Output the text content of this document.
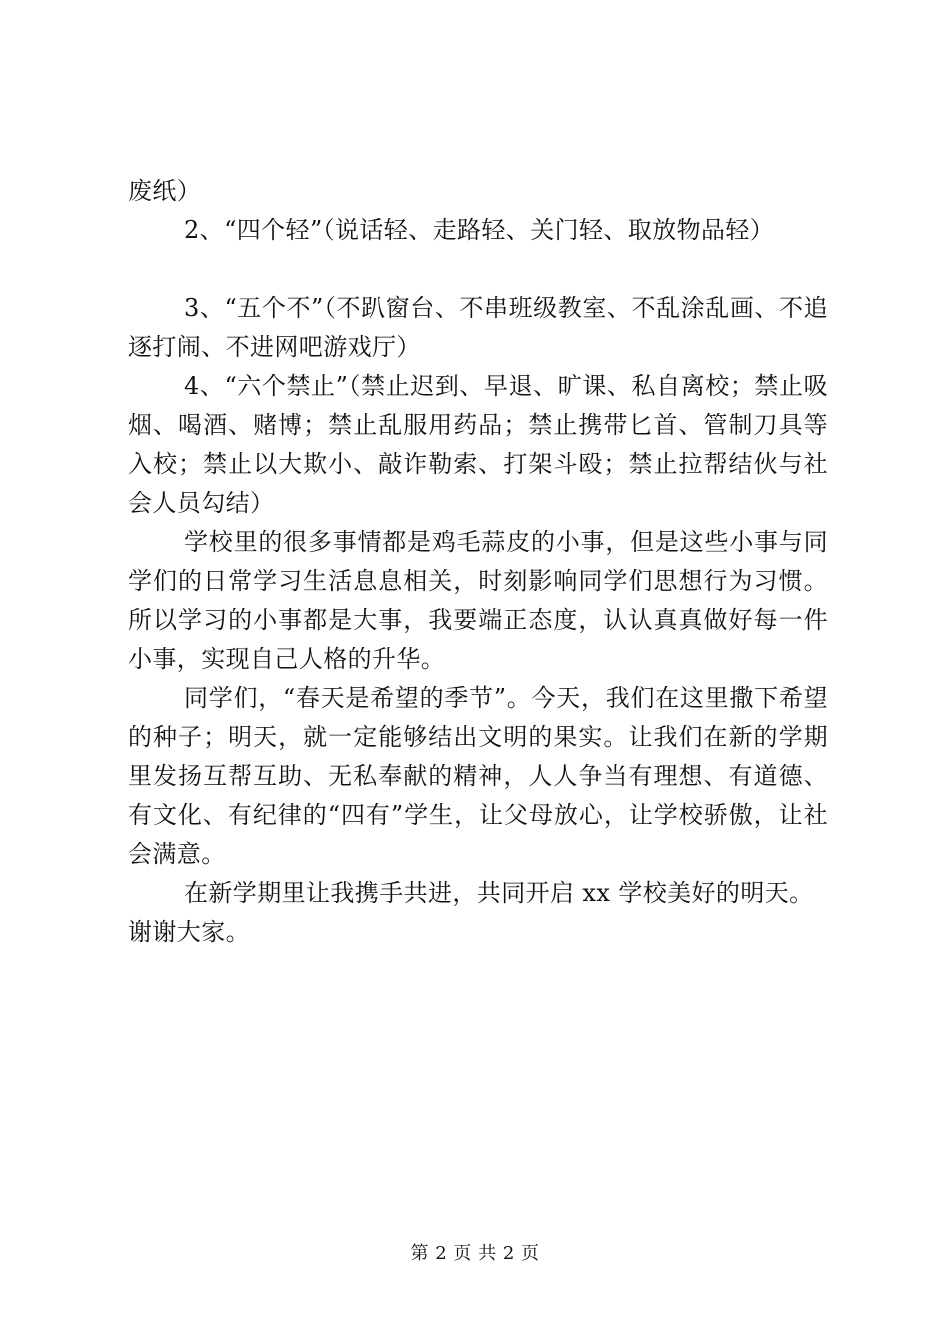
废纸）

2、“四个轻”（说话轻、走路轻、关门轻、取放物品轻）

3、“五个不”（不趴窗台、不串班级教室、不乱涂乱画、不追逐打闹、不进网吧游戏厅）

4、“六个禁止”（禁止迟到、早退、旷课、私自离校；禁止吸烟、喝酒、赌博；禁止乱服用药品；禁止携带匕首、管制刀具等入校；禁止以大欺小、敲诈勒索、打架斗殴；禁止拉帮结伙与社会人员勾结）

学校里的很多事情都是鸡毛蒜皮的小事，但是这些小事与同学们的日常学习生活息息相关，时刻影响同学们思想行为习惯。所以学习的小事都是大事，我要端正态度，认认真真做好每一件小事，实现自己人格的升华。

同学们，“春天是希望的季节”。今天，我们在这里撒下希望的种子；明天，就一定能够结出文明的果实。让我们在新的学期里发扬互帮互助、无私奉献的精神，人人争当有理想、有道德、有文化、有纪律的“四有”学生，让父母放心，让学校骄傲，让社会满意。

在新学期里让我携手共进，共同开启 xx 学校美好的明天。

谢谢大家。

第 2 页 共 2 页
